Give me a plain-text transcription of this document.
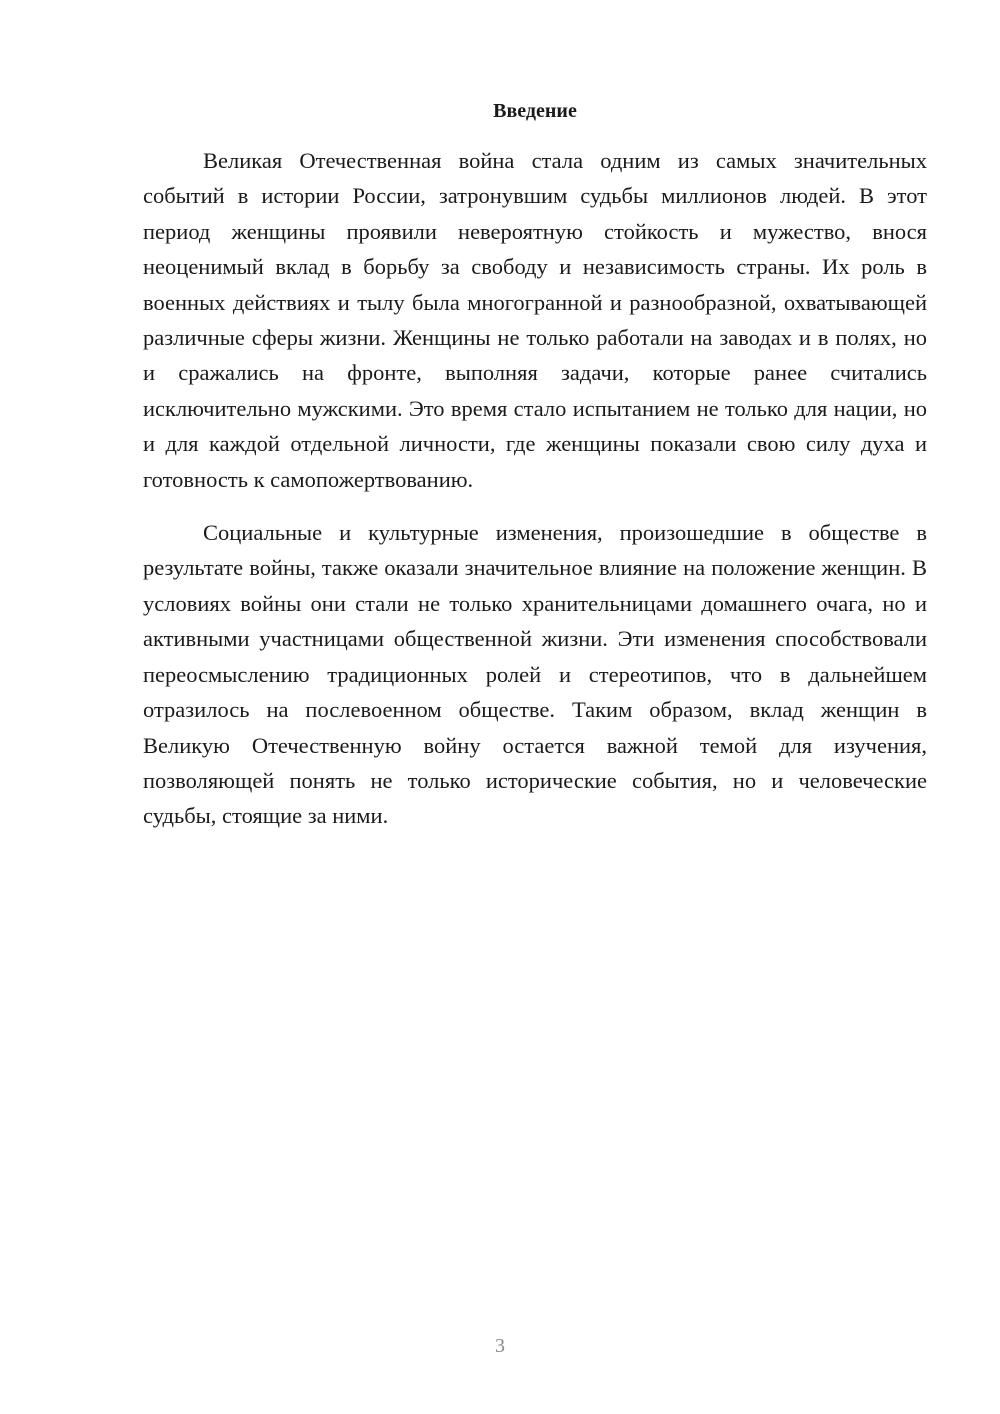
Введение

Великая Отечественная война стала одним из самых значительных событий в истории России, затронувшим судьбы миллионов людей. В этот период женщины проявили невероятную стойкость и мужество, внося неоценимый вклад в борьбу за свободу и независимость страны. Их роль в военных действиях и тылу была многогранной и разнообразной, охватывающей различные сферы жизни. Женщины не только работали на заводах и в полях, но и сражались на фронте, выполняя задачи, которые ранее считались исключительно мужскими. Это время стало испытанием не только для нации, но и для каждой отдельной личности, где женщины показали свою силу духа и готовность к самопожертвованию.

Социальные и культурные изменения, произошедшие в обществе в результате войны, также оказали значительное влияние на положение женщин. В условиях войны они стали не только хранительницами домашнего очага, но и активными участницами общественной жизни. Эти изменения способствовали переосмыслению традиционных ролей и стереотипов, что в дальнейшем отразилось на послевоенном обществе. Таким образом, вклад женщин в Великую Отечественную войну остается важной темой для изучения, позволяющей понять не только исторические события, но и человеческие судьбы, стоящие за ними.

3
